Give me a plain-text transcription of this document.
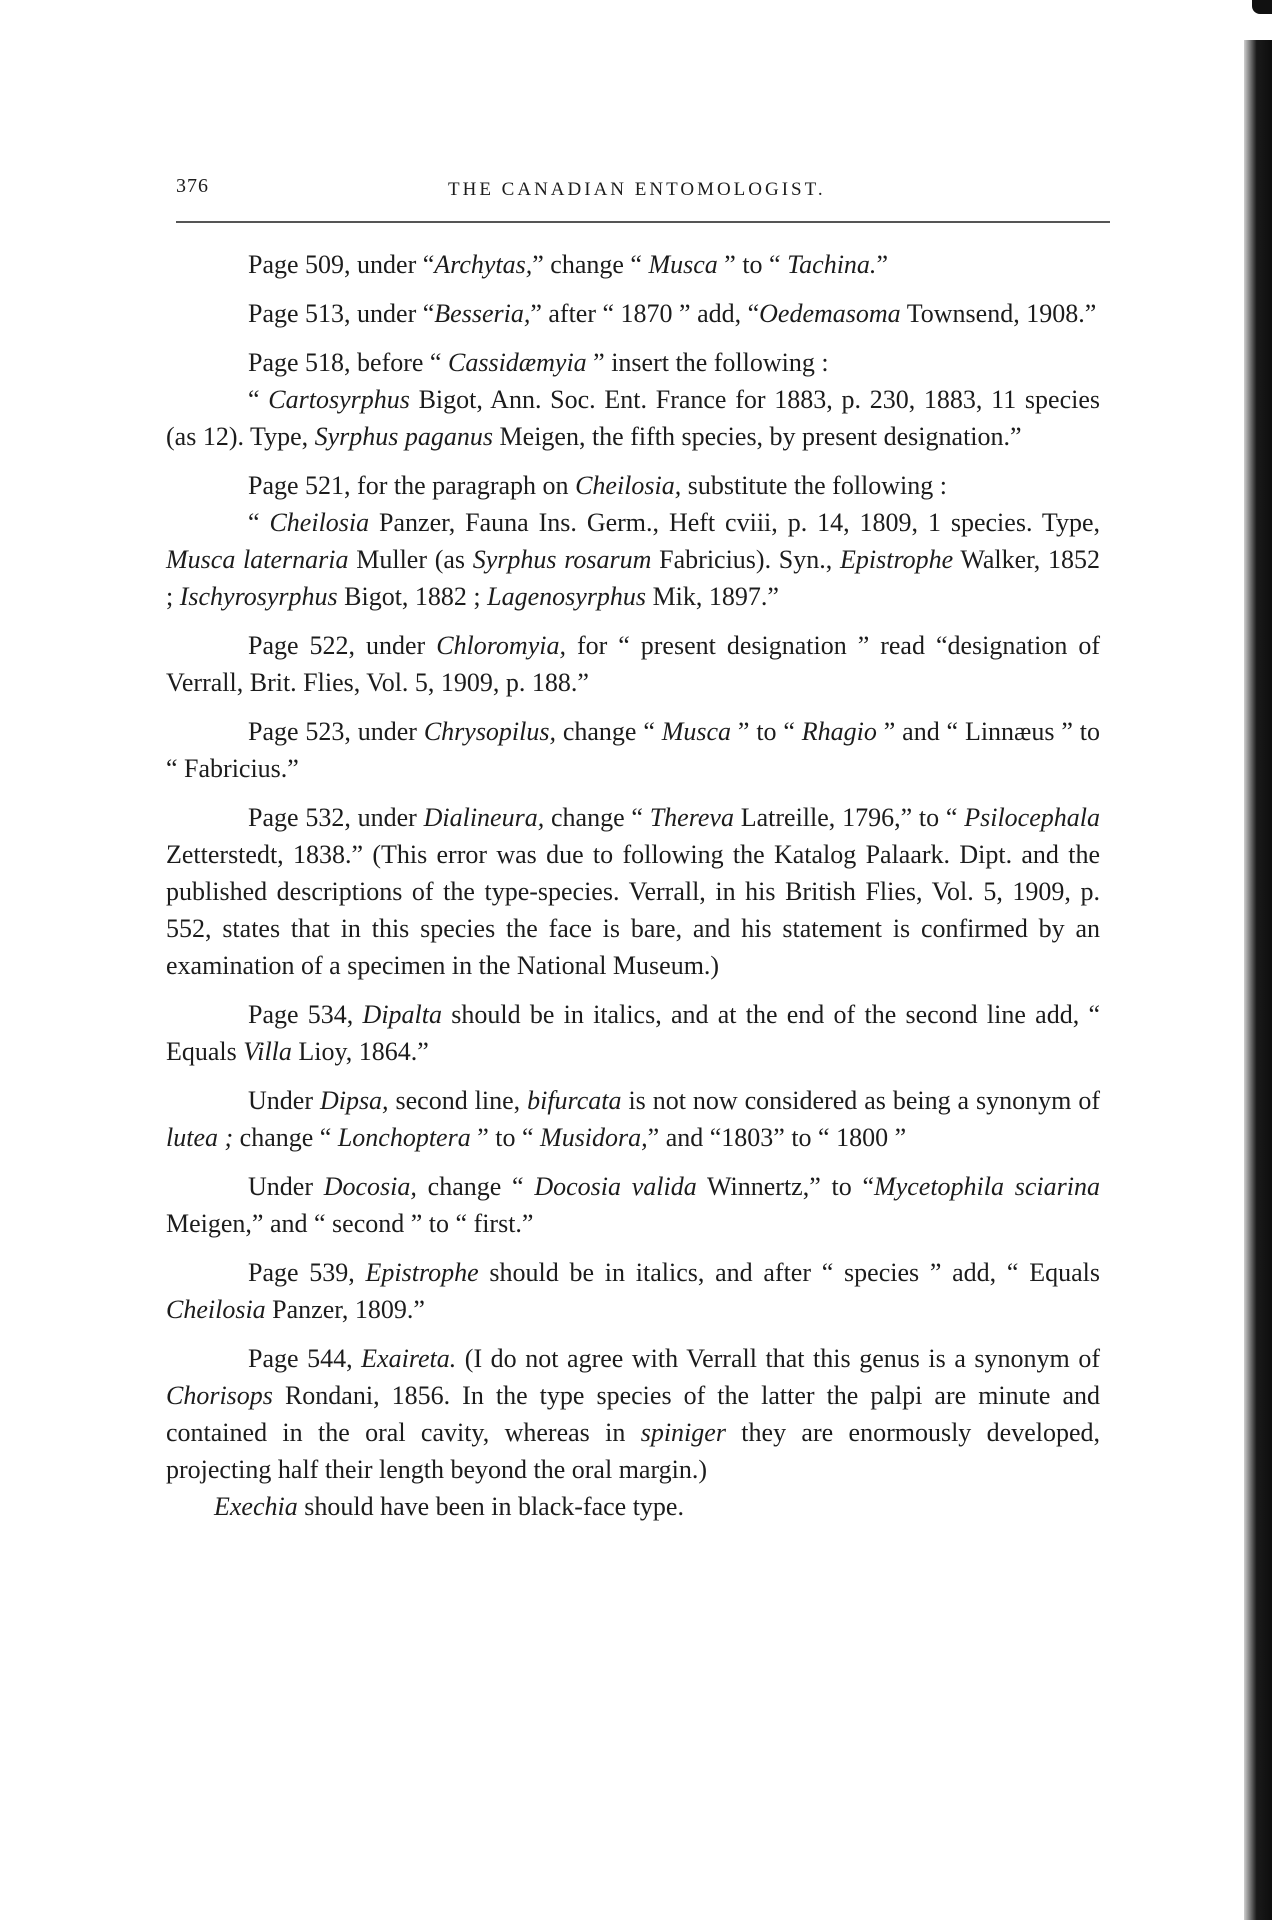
376	THE CANADIAN ENTOMOLOGIST.

Page 509, under “Archytas,” change “ Musca ” to “ Tachina.”

Page 513, under “Besseria,” after “ 1870 ” add, “Oedemasoma Townsend, 1908.”

Page 518, before “ Cassidæmyia ” insert the following :

“ Cartosyrphus Bigot, Ann. Soc. Ent. France for 1883, p. 230, 1883, 11 species (as 12). Type, Syrphus paganus Meigen, the fifth species, by present designation.”

Page 521, for the paragraph on Cheilosia, substitute the following :

“ Cheilosia Panzer, Fauna Ins. Germ., Heft cviii, p. 14, 1809, 1 species. Type, Musca laternaria Muller (as Syrphus rosarum Fabricius). Syn., Epistrophe Walker, 1852 ; Ischyrosyrphus Bigot, 1882 ; Lagenosyrphus Mik, 1897.”

Page 522, under Chloromyia, for “ present designation ” read “designation of Verrall, Brit. Flies, Vol. 5, 1909, p. 188.”

Page 523, under Chrysopilus, change “ Musca ” to “ Rhagio ” and “ Linnæus ” to “ Fabricius.”

Page 532, under Dialineura, change “ Thereva Latreille, 1796,” to “ Psilocephala Zetterstedt, 1838.” (This error was due to following the Katalog Palaark. Dipt. and the published descriptions of the type-species. Verrall, in his British Flies, Vol. 5, 1909, p. 552, states that in this species the face is bare, and his statement is confirmed by an examination of a specimen in the National Museum.)

Page 534, Dipalta should be in italics, and at the end of the second line add, “ Equals Villa Lioy, 1864.”

Under Dipsa, second line, bifurcata is not now considered as being a synonym of lutea ; change “ Lonchoptera ” to “ Musidora,” and “1803” to “ 1800 ”

Under Docosia, change “ Docosia valida Winnertz,” to “Mycetophila sciarina Meigen,” and “ second ” to “ first.”

Page 539, Epistrophe should be in italics, and after “ species ” add, “ Equals Cheilosia Panzer, 1809.”

Page 544, Exaireta. (I do not agree with Verrall that this genus is a synonym of Chorisops Rondani, 1856. In the type species of the latter the palpi are minute and contained in the oral cavity, whereas in spiniger they are enormously developed, projecting half their length beyond the oral margin.)

Exechia should have been in black-face type.
